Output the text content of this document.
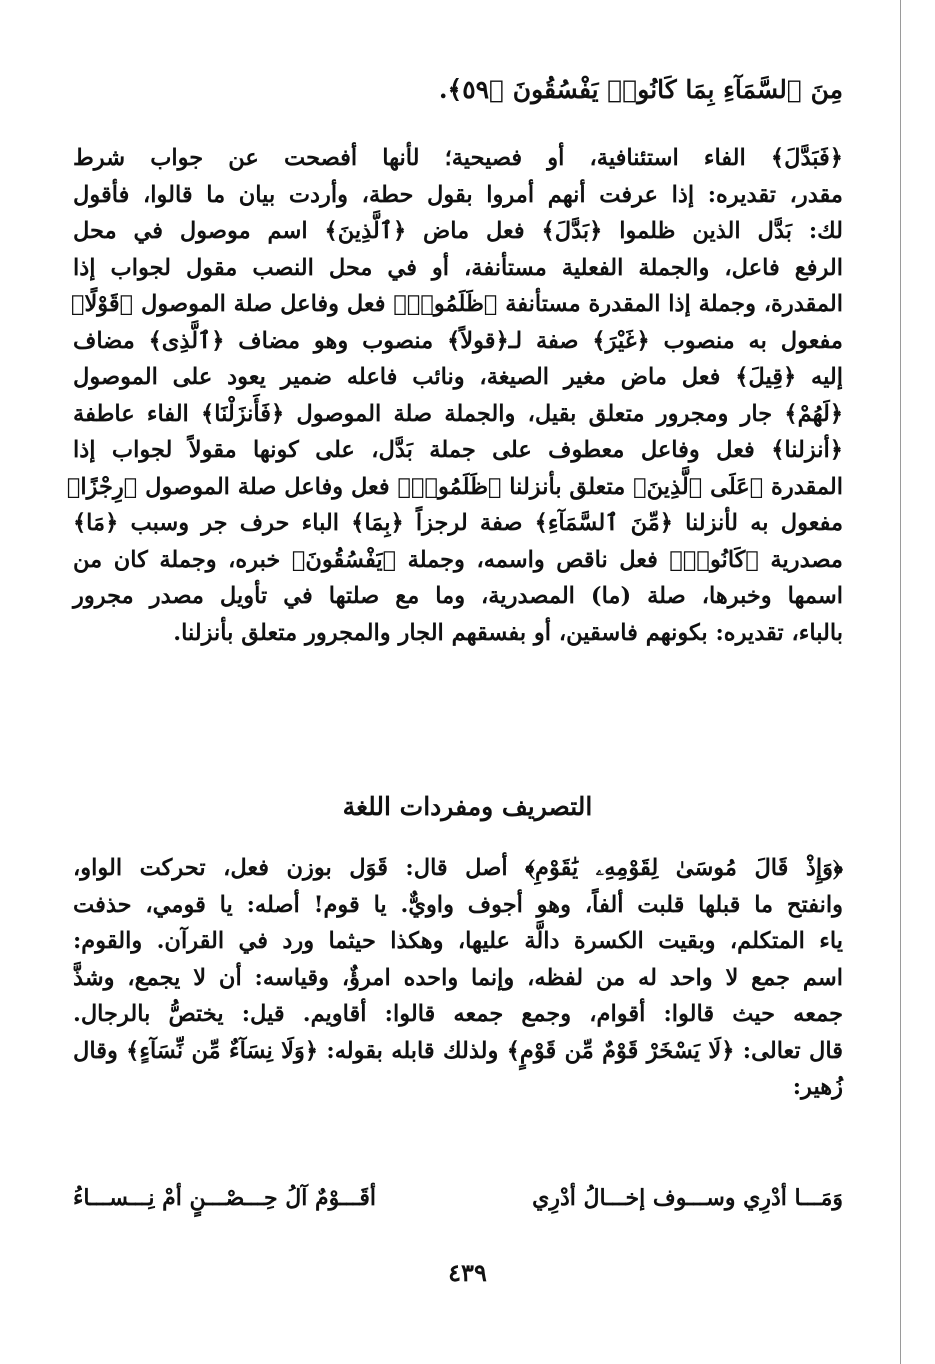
مِنَ ٱلسَّمَآءِ بِمَا كَانُوا۟ يَفْسُقُونَ ﴿٥٩﴾.
﴿فَبَدَّلَ﴾ الفاء استئنافية، أو فصيحية؛ لأنها أفصحت عن جواب شرط
مقدر، تقديره: إذا عرفت أنهم أمروا بقول حطة، وأردت بيان ما قالوا، فأقول
لك: بَدَّل الذين ظلموا ﴿بَدَّلَ﴾ فعل ماض ﴿ٱلَّذِينَ﴾ اسم موصول في محل
الرفع فاعل، والجملة الفعلية مستأنفة، أو في محل النصب مقول لجواب إذا
المقدرة، وجملة إذا المقدرة مستأنفة ﴿ظَلَمُوا۟﴾ فعل وفاعل صلة الموصول ﴿قَوْلًا﴾
مفعول به منصوب ﴿غَيْرَ﴾ صفة لـ﴿قولاً﴾ منصوب وهو مضاف ﴿ٱلَّذِى﴾ مضاف
إليه ﴿قِيلَ﴾ فعل ماض مغير الصيغة، ونائب فاعله ضمير يعود على الموصول
﴿لَهُمْ﴾ جار ومجرور متعلق بقيل، والجملة صلة الموصول ﴿فَأَنزَلْنَا﴾ الفاء عاطفة
﴿أنزلنا﴾ فعل وفاعل معطوف على جملة بَدَّل، على كونها مقولاً لجواب إذا
المقدرة ﴿عَلَى ٱلَّذِينَ﴾ متعلق بأنزلنا ﴿ظَلَمُوا۟﴾ فعل وفاعل صلة الموصول ﴿رِجْزًا﴾
مفعول به لأنزلنا ﴿مِّنَ ٱلسَّمَآءِ﴾ صفة لرجزاً ﴿بِمَا﴾ الباء حرف جر وسبب ﴿مَا﴾
مصدرية ﴿كَانُوا۟﴾ فعل ناقص واسمه، وجملة ﴿يَفْسُقُونَ﴾ خبره، وجملة كان من
اسمها وخبرها، صلة (ما) المصدرية، وما مع صلتها في تأويل مصدر مجرور
بالباء، تقديره: بكونهم فاسقين، أو بفسقهم الجار والمجرور متعلق بأنزلنا.
التصريف ومفردات اللغة
﴿وَإِذْ قَالَ مُوسَىٰ لِقَوْمِهِۦ يَٰقَوْمِ﴾ أصل قال: قَوَل بوزن فعل، تحركت الواو،
وانفتح ما قبلها قلبت ألفاً، وهو أجوف واويٌّ. يا قوم! أصله: يا قومي، حذفت
ياء المتكلم، وبقيت الكسرة دالَّة عليها، وهكذا حيثما ورد في القرآن. والقوم:
اسم جمع لا واحد له من لفظه، وإنما واحده امرؤٌ، وقياسه: أن لا يجمع، وشذَّ
جمعه حيث قالوا: أقوام، وجمع جمعه قالوا: أقاويم. قيل: يختصُّ بالرجال.
قال تعالى: ﴿لَا يَسْخَرْ قَوْمٌ مِّن قَوْمٍ﴾ ولذلك قابله بقوله: ﴿وَلَا نِسَآءٌ مِّن نِّسَآءٍ﴾ وقال
زُهير:
وَمَـــا أدْرِي وســـوف إخـــالُ أدْرِي
أقَـــوْمٌ آلُ حِـــصْـــنٍ أمْ نِـــســـاءُ
٤٣٩
